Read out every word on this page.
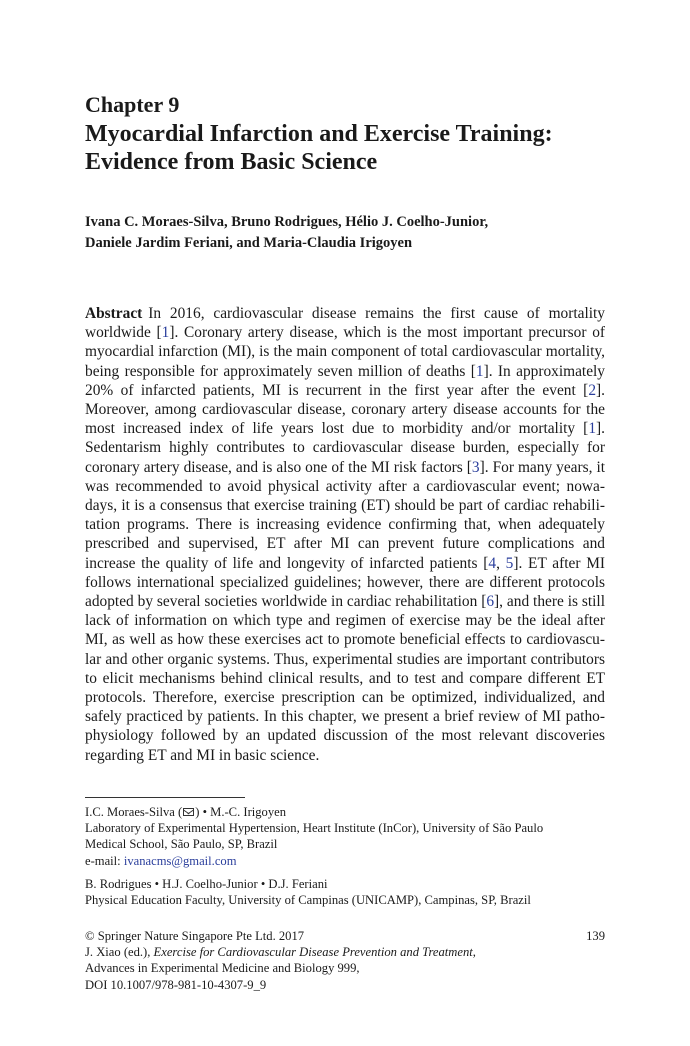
Chapter 9
Myocardial Infarction and Exercise Training:
Evidence from Basic Science
Ivana C. Moraes-Silva, Bruno Rodrigues, Hélio J. Coelho-Junior,
Daniele Jardim Feriani, and Maria-Claudia Irigoyen
Abstract In 2016, cardiovascular disease remains the first cause of mortality worldwide [1]. Coronary artery disease, which is the most important precursor of myocardial infarction (MI), is the main component of total cardiovascular mortality, being responsible for approximately seven million of deaths [1]. In approximately 20% of infarcted patients, MI is recurrent in the first year after the event [2]. Moreover, among cardiovascular disease, coronary artery disease accounts for the most increased index of life years lost due to morbidity and/or mortality [1]. Sedentarism highly contributes to cardiovascular disease burden, especially for coronary artery disease, and is also one of the MI risk factors [3]. For many years, it was recommended to avoid physical activity after a cardiovascular event; nowadays, it is a consensus that exercise training (ET) should be part of cardiac rehabilitation programs. There is increasing evidence confirming that, when adequately prescribed and supervised, ET after MI can prevent future complications and increase the quality of life and longevity of infarcted patients [4, 5]. ET after MI follows international specialized guidelines; however, there are different protocols adopted by several societies worldwide in cardiac rehabilitation [6], and there is still lack of information on which type and regimen of exercise may be the ideal after MI, as well as how these exercises act to promote beneficial effects to cardiovascular and other organic systems. Thus, experimental studies are important contributors to elicit mechanisms behind clinical results, and to test and compare different ET protocols. Therefore, exercise prescription can be optimized, individualized, and safely practiced by patients. In this chapter, we present a brief review of MI pathophysiology followed by an updated discussion of the most relevant discoveries regarding ET and MI in basic science.
I.C. Moraes-Silva ( ) • M.-C. Irigoyen
Laboratory of Experimental Hypertension, Heart Institute (InCor), University of São Paulo
Medical School, São Paulo, SP, Brazil
e-mail: ivanacms@gmail.com
B. Rodrigues • H.J. Coelho-Junior • D.J. Feriani
Physical Education Faculty, University of Campinas (UNICAMP), Campinas, SP, Brazil
© Springer Nature Singapore Pte Ltd. 2017
J. Xiao (ed.), Exercise for Cardiovascular Disease Prevention and Treatment,
Advances in Experimental Medicine and Biology 999,
DOI 10.1007/978-981-10-4307-9_9
139
